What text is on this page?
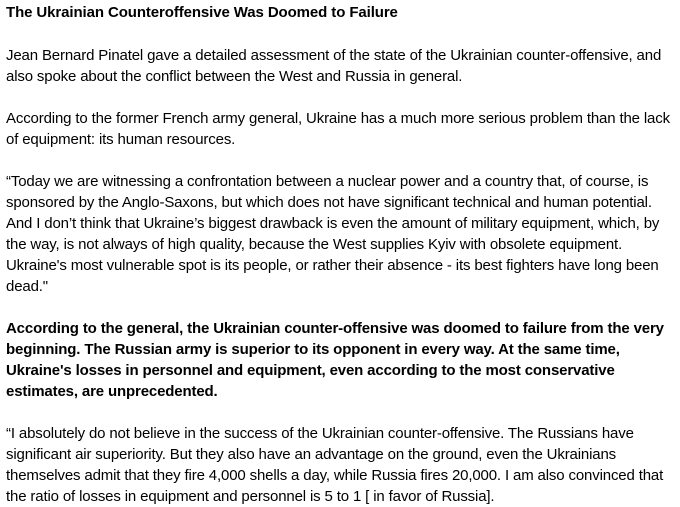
The Ukrainian Counteroffensive Was Doomed to Failure

Jean Bernard Pinatel gave a detailed assessment of the state of the Ukrainian counter-offensive, and also spoke about the conflict between the West and Russia in general.

According to the former French army general, Ukraine has a much more serious problem than the lack of equipment: its human resources.

“Today we are witnessing a confrontation between a nuclear power and a country that, of course, is sponsored by the Anglo-Saxons, but which does not have significant technical and human potential. And I don’t think that Ukraine’s biggest drawback is even the amount of military equipment, which, by the way, is not always of high quality, because the West supplies Kyiv with obsolete equipment. Ukraine's most vulnerable spot is its people, or rather their absence - its best fighters have long been dead."

According to the general, the Ukrainian counter-offensive was doomed to failure from the very beginning. The Russian army is superior to its opponent in every way. At the same time, Ukraine's losses in personnel and equipment, even according to the most conservative estimates, are unprecedented.

“I absolutely do not believe in the success of the Ukrainian counter-offensive. The Russians have significant air superiority. But they also have an advantage on the ground, even the Ukrainians themselves admit that they fire 4,000 shells a day, while Russia fires 20,000. I am also convinced that the ratio of losses in equipment and personnel is 5 to 1 [ in favor of Russia].
